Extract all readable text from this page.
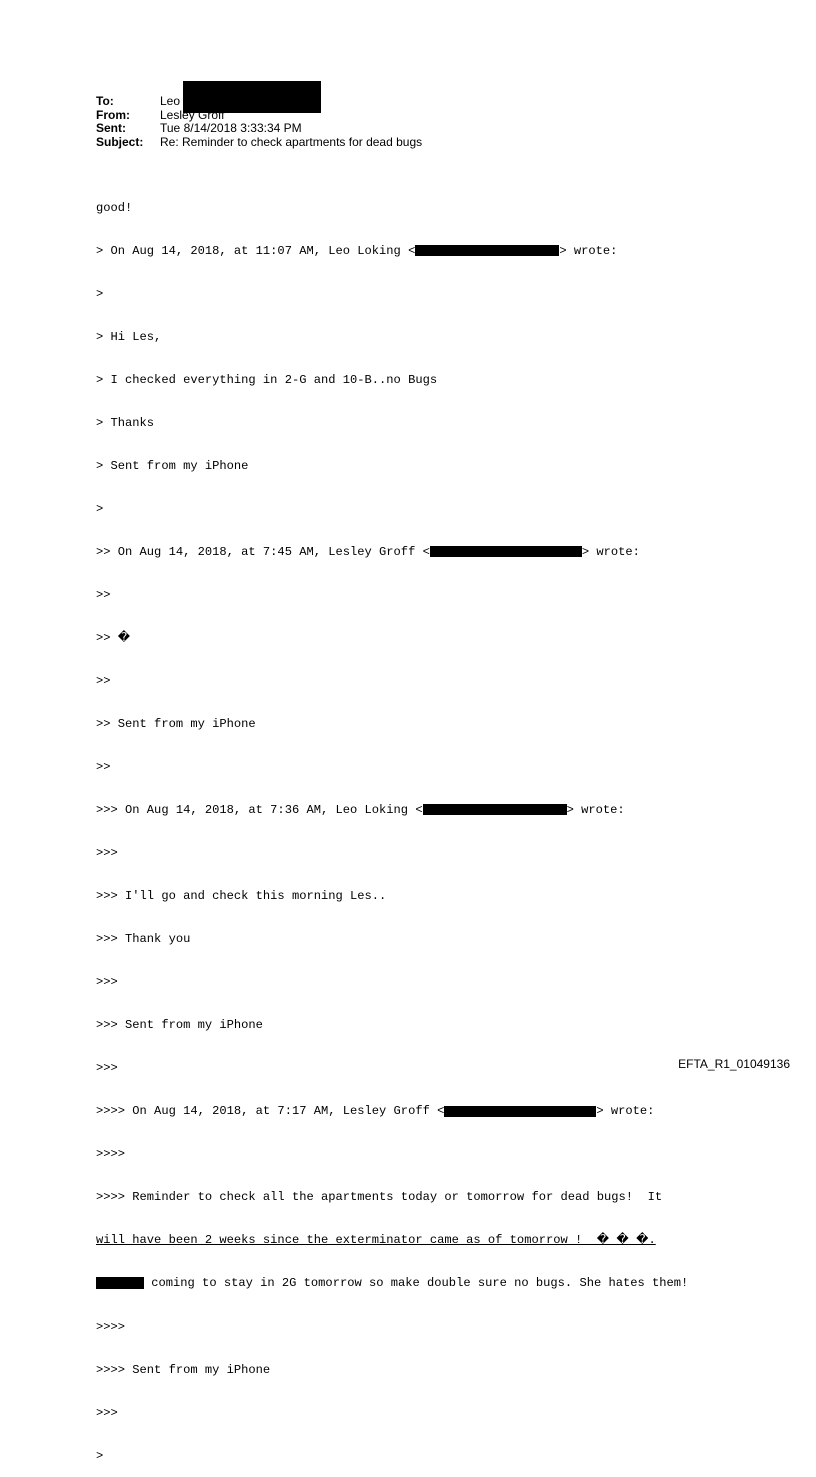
To:	Leo
From:	Lesley Groff
Sent:	Tue 8/14/2018 3:33:34 PM
Subject:	Re: Reminder to check apartments for dead bugs

good!

> On Aug 14, 2018, at 11:07 AM, Leo Loking <	> wrote:

>

> Hi Les,

> I checked everything in 2-G and 10-B..no Bugs

> Thanks

> Sent from my iPhone

>

>> On Aug 14, 2018, at 7:45 AM, Lesley Groff <	> wrote:

>>

>> �

>>

>> Sent from my iPhone

>>

>>> On Aug 14, 2018, at 7:36 AM, Leo Loking <	> wrote:

>>>

>>> I'll go and check this morning Les..

>>> Thank you

>>>

>>> Sent from my iPhone

>>>

>>>> On Aug 14, 2018, at 7:17 AM, Lesley Groff <	> wrote:

>>>>

>>>> Reminder to check all the apartments today or tomorrow for dead bugs!  It

will have been 2 weeks since the exterminator came as of tomorrow !  � � �.

coming to stay in 2G tomorrow so make double sure no bugs. She hates them!

>>>>

>>>> Sent from my iPhone

>>>

>

EFTA_R1_01049136
